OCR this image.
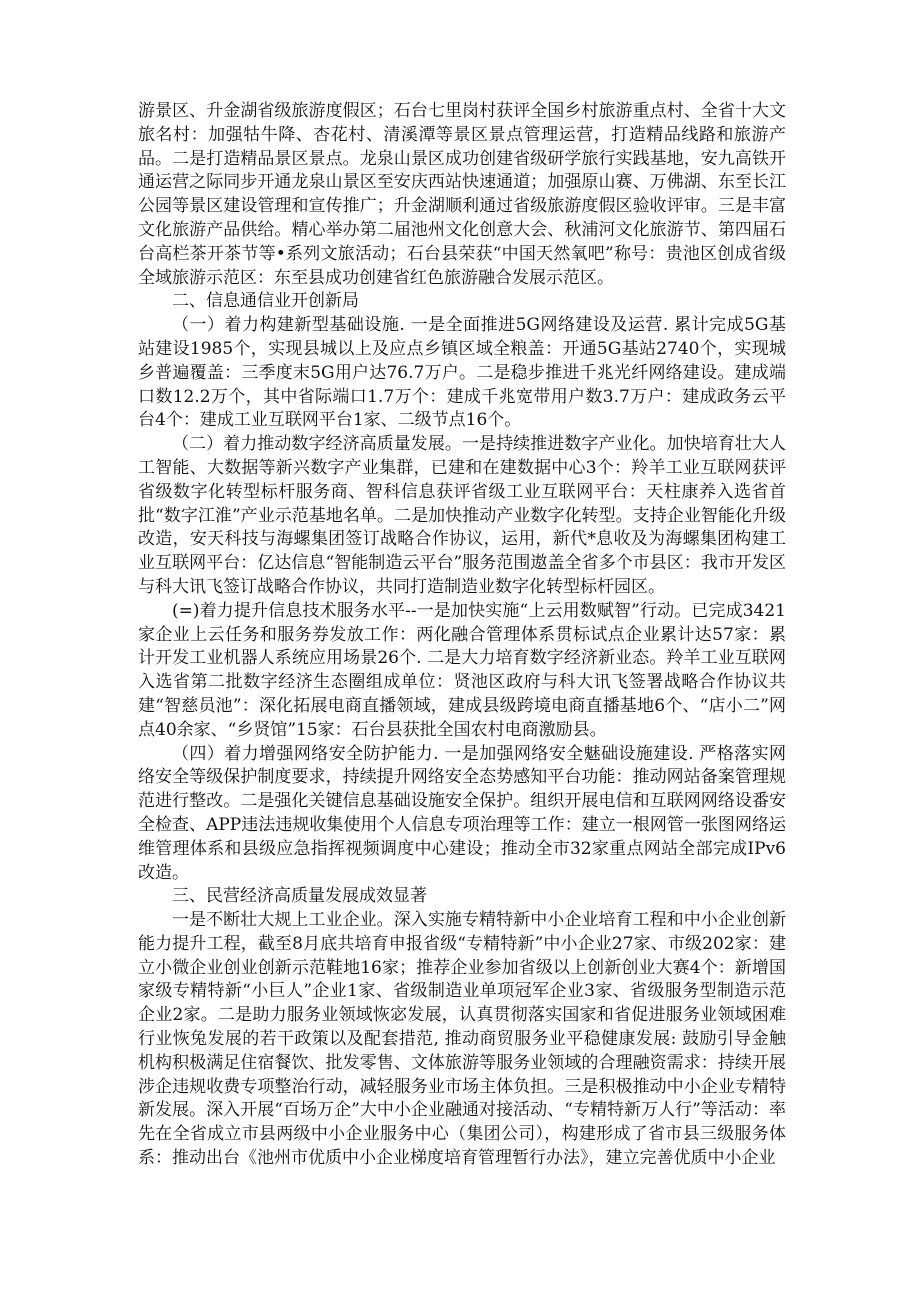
游景区、升金湖省级旅游度假区；石台七里岗村获评全国乡村旅游重点村、全省十大文旅名村：加强牯牛降、杏花村、清溪潭等景区景点管理运营，打造精品线路和旅游产品。二是打造精品景区景点。龙泉山景区成功创建省级研学旅行实践基地，安九高铁开通运营之际同步开通龙泉山景区至安庆西站快速通道；加强原山赛、万佛湖、东至长江公园等景区建设管理和宣传推广；升金湖顺利通过省级旅游度假区验收评审。三是丰富文化旅游产品供给。精心举办第二届池州文化创意大会、秋浦河文化旅游节、第四届石台高栏茶开茶节等•系列文旅活动；石台县荣获“中国天然氧吧”称号：贵池区创成省级全域旅游示范区：东至县成功创建省红色旅游融合发展示范区。

二、信息通信业开创新局

（一）着力构建新型基础设施. 一是全面推进5G网络建设及运营. 累计完成5G基站建设1985个，实现县城以上及应点乡镇区域全粮盖：开通5G基站2740个，实现城乡普遍覆盖：三季度末5G用户达76.7万户。二是稳步推进千兆光纤网络建设。建成端口数12.2万个，其中省际端口1.7万个：建成千兆宽带用户数3.7万户：建成政务云平台4个：建成工业互联网平台1家、二级节点16个。

（二）着力推动数字经济高质量发展。一是持续推进数字产业化。加快培育壮大人工智能、大数据等新兴数字产业集群，已建和在建数据中心3个：羚羊工业互联网获评省级数字化转型标杆服务商、智科信息获评省级工业互联网平台：天柱康养入选省首批“数字江淮”产业示范基地名单。二是加快推动产业数字化转型。支持企业智能化升级改造，安天科技与海螺集团签订战略合作协议，运用，新代*息收及为海螺集团构建工业互联网平台：亿达信息“智能制造云平台”服务范围遨盖全省多个市县区：我市开发区与科大讯飞签订战略合作协议，共同打造制造业数字化转型标杆园区。

(=)着力提升信息技术服务水平--一是加快实施“上云用数赋智”行动。已完成3421家企业上云任务和服务券发放工作：两化融合管理体系贯标试点企业累计达57家：累计开发工业机器人系统应用场景26个. 二是大力培育数字经济新业态。羚羊工业互联网入选省第二批数字经济生态圈组成单位：贤池区政府与科大讯飞签署战略合作协议共建“智慈员池”：深化拓展电商直播领域，建成县级跨境电商直播基地6个、“店小二”网点40余家、“乡贤馆”15家：石台县获批全国农村电商激励县。

（四）着力增强网络安全防护能力. 一是加强网络安全魅础设施建设. 严格落实网络安全等级保护制度要求，持续提升网络安全态势感知平台功能：推动网站备案管理规范进行整改。二是强化关键信息基础设施安全保护。组织开展电信和互联网网络设番安全检查、APP违法违规收集使用个人信息专项治理等工作：建立一根网管一张图网络运维管理体系和县级应急指挥视频调度中心建设；推动全市32家重点网站全部完成IPv6改造。

三、民营经济高质量发展成效显著

一是不断壮大规上工业企业。深入实施专精特新中小企业培育工程和中小企业创新能力提升工程，截至8月底共培育申报省级“专精特新”中小企业27家、市级202家：建立小微企业创业创新示范鞋地16家；推荐企业参加省级以上创新创业大赛4个：新增国家级专精特新“小巨人”企业1家、省级制造业单项冠军企业3家、省级服务型制造示范企业2家。二是助力服务业领域恢宓发展，认真贯彻落实国家和省促进服务业领域困难行业恢兔发展的若干政策以及配套措范, 推动商贸服务业平稳健康发展: 鼓励引导金触机构积极满足住宿餐饮、批发零售、文体旅游等服务业领域的合理融资需求：持续开展涉企违规收费专项整治行动，减轻服务业市场主体负担。三是积极推动中小企业专精特新发展。深入开展“百场万企”大中小企业融通对接活动、“专精特新万人行”等活动：率先在全省成立市县两级中小企业服务中心（集团公司），构建形成了省市县三级服务体系：推动出台《池州市优质中小企业梯度培育管理暂行办法》，建立完善优质中小企业
